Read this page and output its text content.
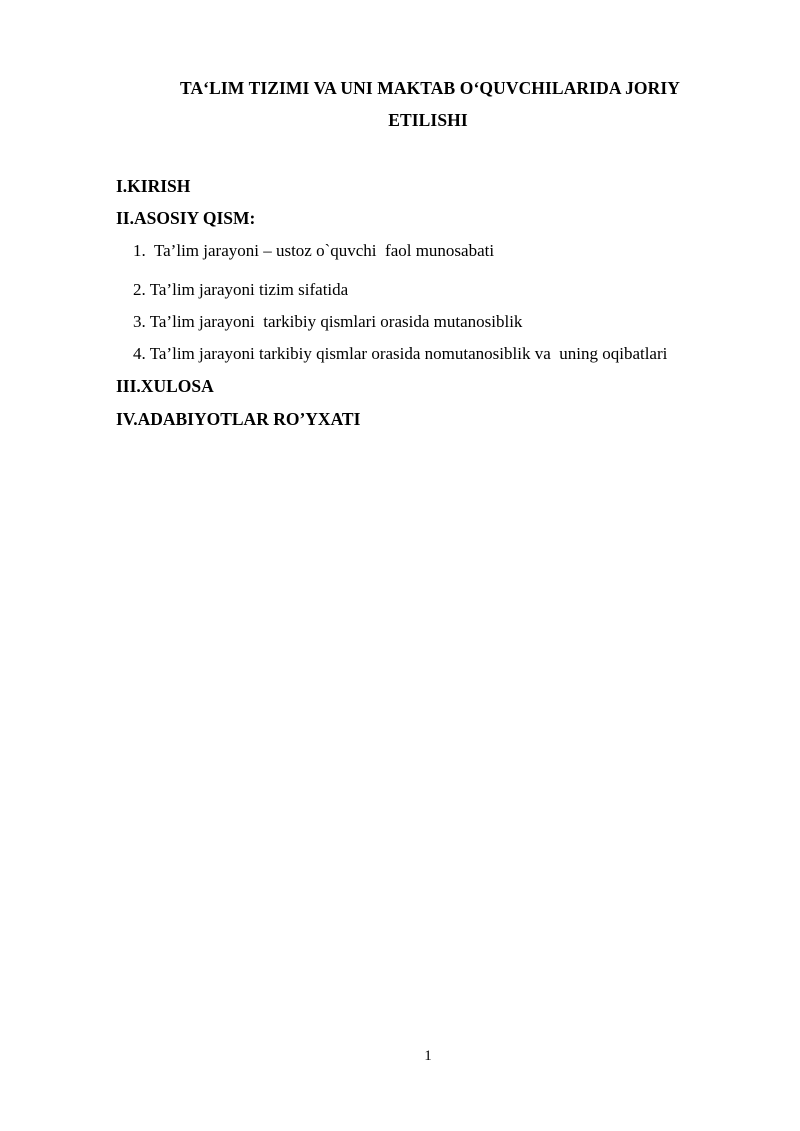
TA‘LIM TIZIMI VA UNI MAKTAB O‘QUVCHILARIDA JORIY
ETILISHI
I.KIRISH
II.ASOSIY QISM:
1.  Ta’lim jarayoni – ustoz o`quvchi  faol munosabati
2. Ta’lim jarayoni tizim sifatida
3. Ta’lim jarayoni  tarkibiy qismlari orasida mutanosiblik
4. Ta’lim jarayoni tarkibiy qismlar orasida nomutanosiblik va  uning oqibatlari
III.XULOSA
IV.ADABIYOTLAR RO’YXATI
1
